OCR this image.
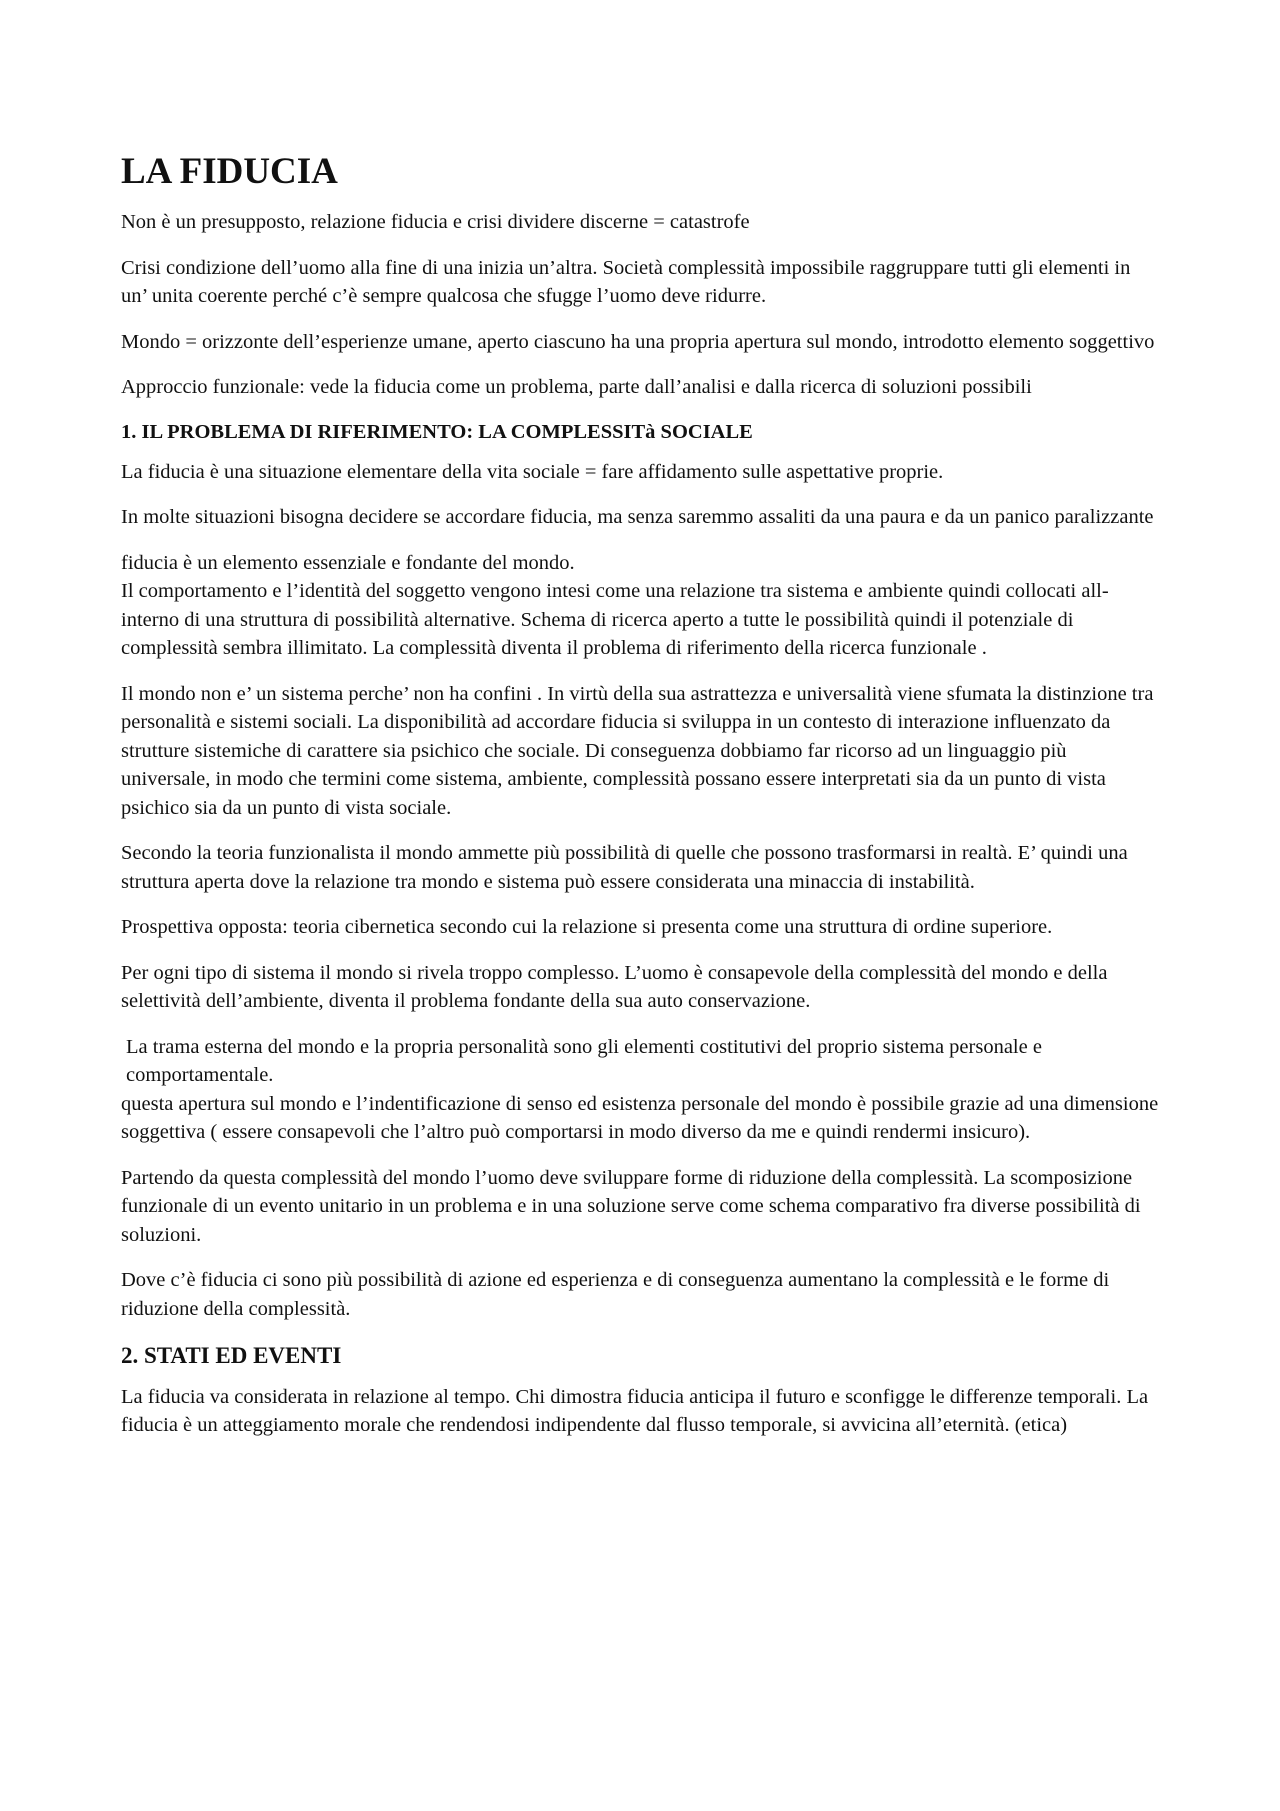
LA FIDUCIA

Non è un presupposto, relazione fiducia e crisi dividere discerne = catastrofe

Crisi condizione dell’uomo alla fine di una inizia un’altra. Società complessità impossibile raggruppare tutti gli elementi in un’ unita coerente perché c’è sempre qualcosa che sfugge l’uomo deve ridurre.

Mondo = orizzonte dell’esperienze umane, aperto ciascuno ha una propria apertura sul mondo, introdotto elemento soggettivo

Approccio funzionale: vede la fiducia come un problema, parte dall’analisi e dalla ricerca di soluzioni possibili

1. IL PROBLEMA DI RIFERIMENTO: LA COMPLESSITà SOCIALE

La fiducia è una situazione elementare della vita sociale = fare affidamento sulle aspettative proprie.

In molte situazioni bisogna decidere se accordare fiducia, ma senza saremmo assaliti da una paura e da un panico paralizzante

fiducia è un elemento essenziale e fondante del mondo.

Il comportamento e l’identità del soggetto vengono intesi come una relazione tra sistema e ambiente quindi collocati all-interno di una struttura di possibilità alternative. Schema di ricerca aperto a tutte le possibilità quindi il potenziale di complessità sembra illimitato. La complessità diventa il problema di riferimento della ricerca funzionale .

Il mondo non e’ un sistema perche’ non ha confini . In virtù della sua astrattezza e universalità viene sfumata la distinzione tra personalità e sistemi sociali. La disponibilità ad accordare fiducia si sviluppa in un contesto di interazione influenzato da strutture sistemiche di carattere sia psichico che sociale. Di conseguenza dobbiamo far ricorso ad un linguaggio più universale, in modo che termini come sistema, ambiente, complessità possano essere interpretati sia da un punto di vista psichico sia da un punto di vista sociale.

Secondo la teoria funzionalista il mondo ammette più possibilità di quelle che possono trasformarsi in realtà. E’ quindi una struttura aperta dove la relazione tra mondo e sistema può essere considerata una minaccia di instabilità.

Prospettiva opposta: teoria cibernetica secondo cui la relazione si presenta come una struttura di ordine superiore.

Per ogni tipo di sistema il mondo si rivela troppo complesso. L’uomo è consapevole della complessità del mondo e della selettività dell’ambiente, diventa il problema fondante della sua auto conservazione.

La trama esterna del mondo e la propria personalità sono gli elementi costitutivi del proprio sistema personale e comportamentale.

questa apertura sul mondo e l’indentificazione di senso ed esistenza personale del mondo è possibile grazie ad una dimensione soggettiva ( essere consapevoli che l’altro può comportarsi in modo diverso da me e quindi rendermi insicuro).

Partendo da questa complessità del mondo l’uomo deve sviluppare forme di riduzione della complessità. La scomposizione funzionale di un evento unitario in un problema e in una soluzione serve come schema comparativo fra diverse possibilità di soluzioni.

Dove c’è fiducia ci sono più possibilità di azione ed esperienza e di conseguenza aumentano la complessità e le forme di riduzione della complessità.

2. STATI ED EVENTI

La fiducia va considerata in relazione al tempo. Chi dimostra fiducia anticipa il futuro e sconfigge le differenze temporali. La fiducia è un atteggiamento morale che rendendosi indipendente dal flusso temporale, si avvicina all’eternità. (etica)
